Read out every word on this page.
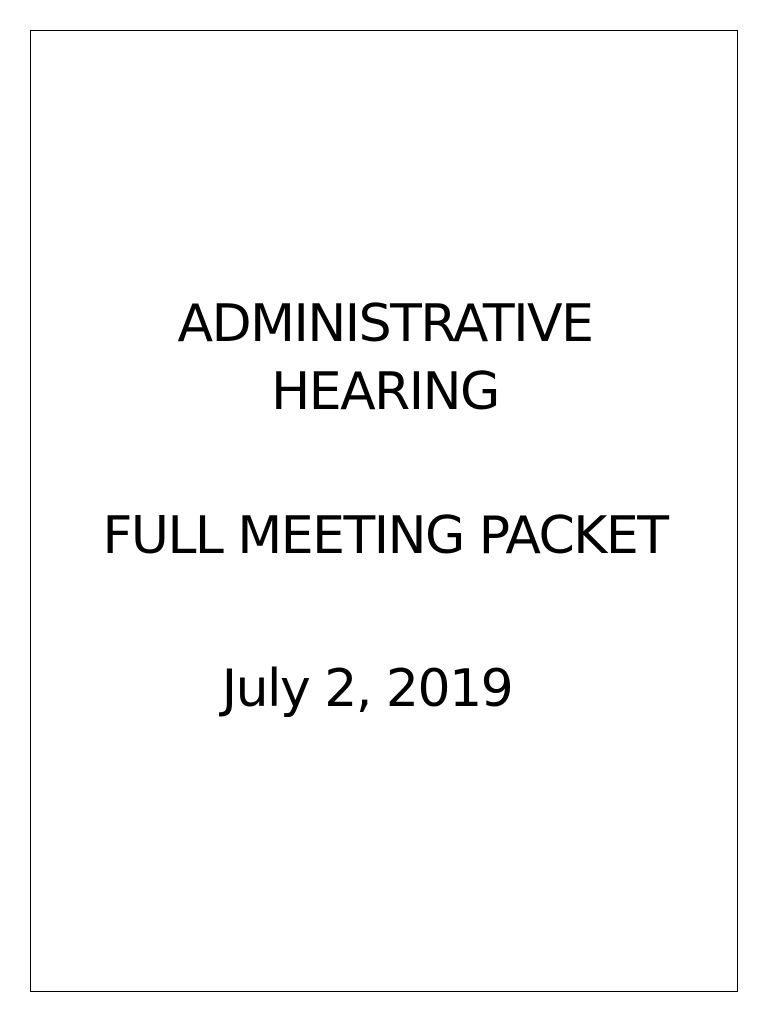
ADMINISTRATIVE
HEARING
FULL MEETING PACKET
July 2, 2019
